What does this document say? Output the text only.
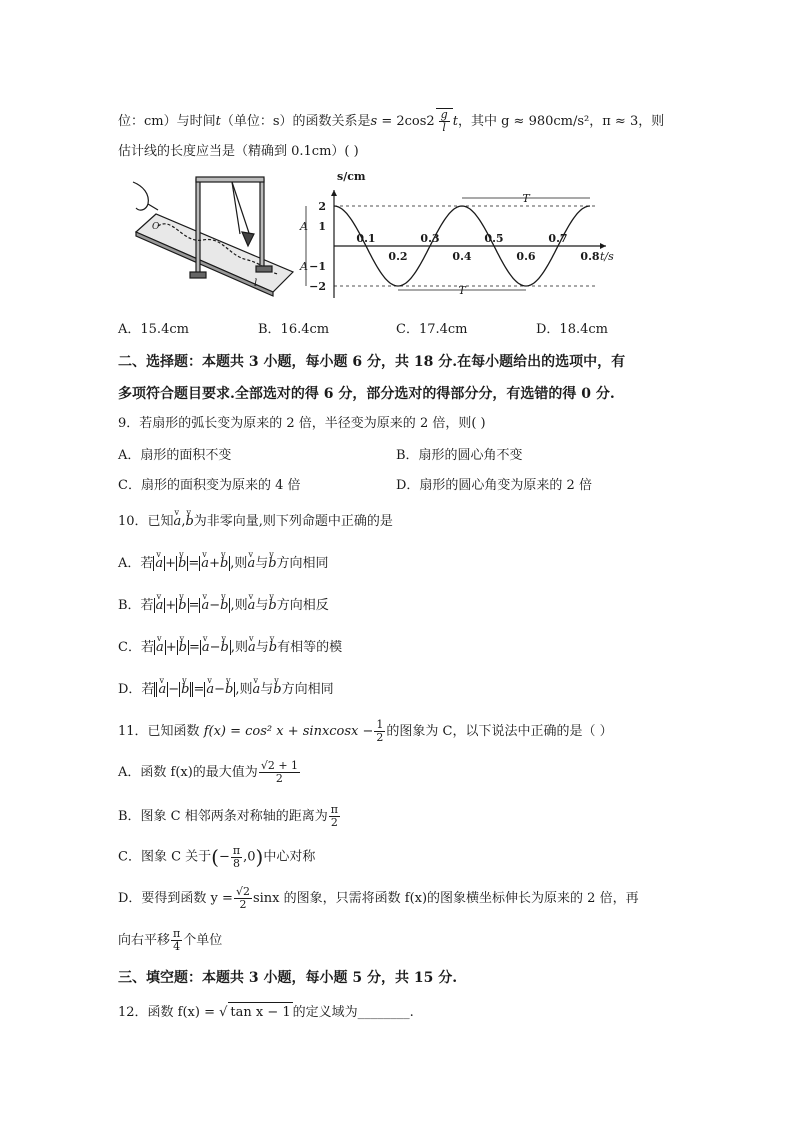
位：cm）与时间t（单位：s）的函数关系是$s = 2\cos 2 \frac{g}{l}$ t，其中 g ≈ 980cm/s²，π ≈ 3，则
估计线的长度应当是（精确到 0.1cm）( )
l
O
s/cm
t/s
2
1
−1
−2
0.2	0.4	0.6	0.8
0.1	0.3	0.5	0.7
A
A
T
T
A．15.4cm	B．16.4cm	C．17.4cm	D．18.4cm
二、选择题：本题共 3 小题，每小题 6 分，共 18 分.在每小题给出的选项中，有
多项符合题目要求.全部选对的得 6 分，部分选对的得部分分，有选错的得 0 分.
9．若扇形的弧长变为原来的 2 倍，半径变为原来的 2 倍，则( )
A．扇形的面积不变	B．扇形的圆心角不变
C．扇形的面积变为原来的 4 倍	D．扇形的圆心角变为原来的 2 倍
10．已知v a,v b为非零向量,则下列命题中正确的是
A．若 v a + v b = v a+v b ,则v a与v b方向相同
B．若 v a + v b = v a−v b ,则v a与v b方向相反
C．若 v a + v b = v a−v b ,则v a与v b有相等的模
D．若 v a − v b = v a−v b ,则v a与v b方向相同
11．已知函数 f(x) = cos² x + sinxcosx − $\frac{1}{2}$ 的图象为 C，以下说法中正确的是（ ）
A．函数 f(x)的最大值为 $\frac{√2 + 1}{2}$
B．图象 C 相邻两条对称轴的距离为 $\frac{\pi}{2}$
C．图象 C 关于(− $\frac{\pi}{8} ,0$)中心对称
D．要得到函数 $y = \frac{√2}{2}$ sinx 的图象，只需将函数 f(x)的图象横坐标伸长为原来的 2 倍，再
向右平移 $\frac{\pi}{4}$ 个单位
三、填空题：本题共 3 小题，每小题 5 分，共 15 分.
12．函数 f(x) = √ tan x − 1 的定义域为________.
